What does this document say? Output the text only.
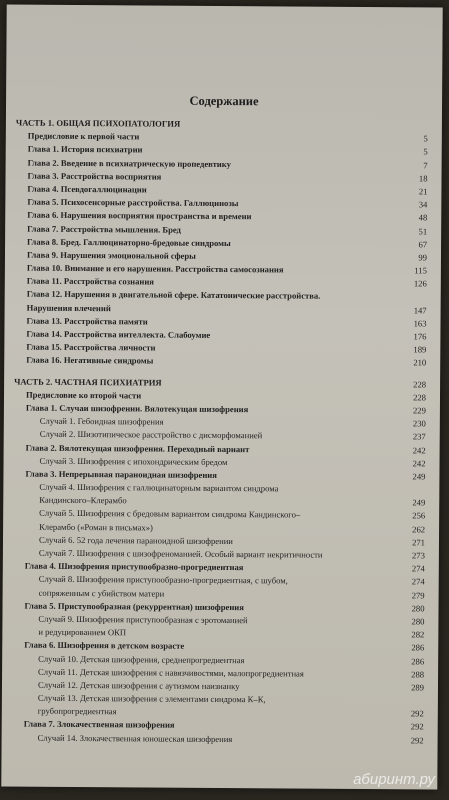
Содержание
ЧАСТЬ 1. ОБЩАЯ ПСИХОПАТОЛОГИЯ
Предисловие к первой части	5
Глава 1. История психиатрии	5
Глава 2. Введение в психиатрическую пропедевтику	7
Глава 3. Расстройства восприятия	18
Глава 4. Псевдогаллюцинации	21
Глава 5. Психосенсорные расстройства. Галлюцинозы	34
Глава 6. Нарушения восприятия пространства и времени	48
Глава 7. Расстройства мышления. Бред	51
Глава 8. Бред. Галлюцинаторно-бредовые синдромы	67
Глава 9. Нарушения эмоциональной сферы	99
Глава 10. Внимание и его нарушения. Расстройства самосознания	115
Глава 11. Расстройства сознания	126
Глава 12. Нарушения в двигательной сфере. Кататонические расстройства.
Нарушения влечений	147
Глава 13. Расстройства памяти	163
Глава 14. Расстройства интеллекта. Слабоумие	176
Глава 15. Расстройства личности	189
Глава 16. Негативные синдромы	210
ЧАСТЬ 2. ЧАСТНАЯ ПСИХИАТРИЯ	228
Предисловие ко второй части	228
Глава 1. Случаи шизофрении. Вялотекущая шизофрения	229
Случай 1. Гебоидная шизофрения	230
Случай 2. Шизотипическое расстройство с дисморфоманией	237
Глава 2. Вялотекущая шизофрения. Переходный вариант	242
Случай 3. Шизофрения с ипохондрическим бредом	242
Глава 3. Непрерывная параноидная шизофрения	249
Случай 4. Шизофрения с галлюцинаторным вариантом синдрома
Кандинского–Клерамбо	249
Случай 5. Шизофрения с бредовым вариантом синдрома Кандинского–	256
Клерамбо («Роман в письмах»)	262
Случай 6. 52 года лечения параноидной шизофрении	271
Случай 7. Шизофрения с шизофреноманией. Особый вариант некритичности	273
Глава 4. Шизофрения приступообразно-прогредиентная	274
Случай 8. Шизофрения приступообразно-прогредиентная, с шубом,	274
сопряженным с убийством матери	279
Глава 5. Приступообразная (рекуррентная) шизофрения	280
Случай 9. Шизофрения приступообразная с эротоманией	280
и редуцированием ОКП	282
Глава 6. Шизофрения в детском возрасте	286
Случай 10. Детская шизофрения, среднепрогредиентная	286
Случай 11. Детская шизофрения с навязчивостями, малопрогредиентная	288
Случай 12. Детская шизофрения с аутизмом наизнанку	289
Случай 13. Детская шизофрения с элементами синдрома К–К,
грубопрогредиентная	292
Глава 7. Злокачественная шизофрения	292
Случай 14. Злокачественная юношеская шизофрения	292
абиринт.ру
